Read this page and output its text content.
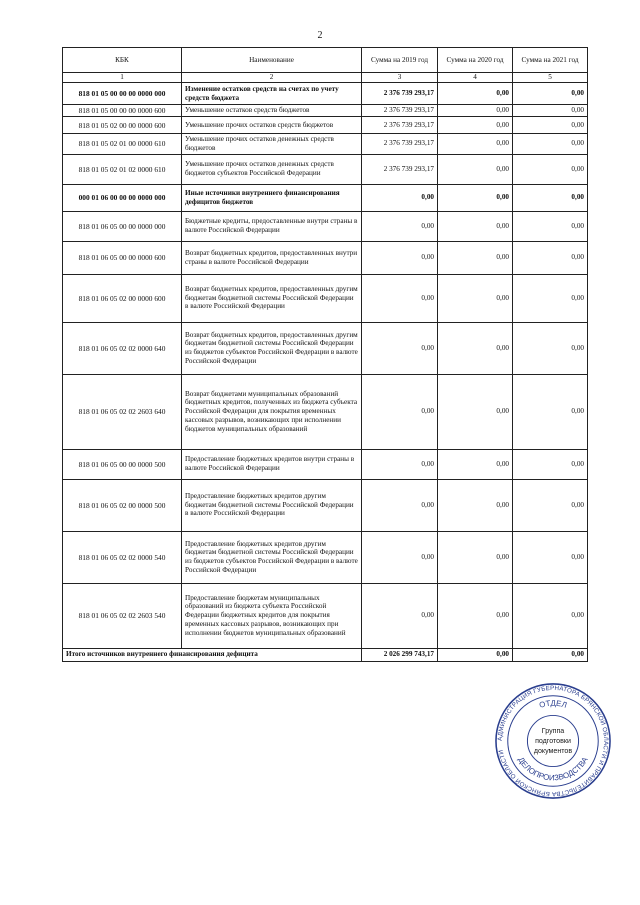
2
КБК	Наименование	Сумма на 2019 год	Сумма на 2020 год	Сумма на 2021 год
1	2	3	4	5
818 01 05 00 00 00 0000 000	Изменение остатков средств на счетах по учету средств бюджета	2 376 739 293,17	0,00	0,00
818 01 05 00 00 00 0000 600	Уменьшение остатков средств бюджетов	2 376 739 293,17	0,00	0,00
818 01 05 02 00 00 0000 600	Уменьшение прочих остатков средств бюджетов	2 376 739 293,17	0,00	0,00
818 01 05 02 01 00 0000 610	Уменьшение прочих остатков денежных средств бюджетов	2 376 739 293,17	0,00	0,00
818 01 05 02 01 02 0000 610	Уменьшение прочих остатков денежных средств бюджетов субъектов Российской Федерации	2 376 739 293,17	0,00	0,00
000 01 06 00 00 00 0000 000	Иные источники внутреннего финансирования дефицитов бюджетов	0,00	0,00	0,00
818 01 06 05 00 00 0000 000	Бюджетные кредиты, предоставленные внутри страны в валюте Российской Федерации	0,00	0,00	0,00
818 01 06 05 00 00 0000 600	Возврат бюджетных кредитов, предоставленных внутри страны в валюте Российской Федерации	0,00	0,00	0,00
818 01 06 05 02 00 0000 600	Возврат бюджетных кредитов, предоставленных другим бюджетам бюджетной системы Российской Федерации в валюте Российской Федерации	0,00	0,00	0,00
818 01 06 05 02 02 0000 640	Возврат бюджетных кредитов, предоставленных другим бюджетам бюджетной системы Российской Федерации из бюджетов субъектов Российской Федерации в валюте Российской Федерации	0,00	0,00	0,00
818 01 06 05 02 02 2603 640	Возврат бюджетами муниципальных образований бюджетных кредитов, полученных из бюджета субъекта Российской Федерации для покрытия временных кассовых разрывов, возникающих при исполнении бюджетов муниципальных образований	0,00	0,00	0,00
818 01 06 05 00 00 0000 500	Предоставление бюджетных кредитов внутри страны в валюте Российской Федерации	0,00	0,00	0,00
818 01 06 05 02 00 0000 500	Предоставление бюджетных кредитов другим бюджетам бюджетной системы Российской Федерации в валюте Российской Федерации	0,00	0,00	0,00
818 01 06 05 02 02 0000 540	Предоставление бюджетных кредитов другим бюджетам бюджетной системы Российской Федерации из бюджетов субъектов Российской Федерации в валюте Российской Федерации	0,00	0,00	0,00
818 01 06 05 02 02 2603 540	Предоставление бюджетам муниципальных образований из бюджета субъекта Российской Федерации бюджетных кредитов для покрытия временных кассовых разрывов, возникающих при исполнении бюджетов муниципальных образований	0,00	0,00	0,00
Итого источников внутреннего финансирования дефицита		2 026 299 743,17	0,00	0,00
АДМИНИСТРАЦИЯ ГУБЕРНАТОРА БРЯНСКОЙ ОБЛАСТИ И ПРАВИТЕЛЬСТВА БРЯНСКОЙ ОБЛАСТИ
ОТДЕЛ
ДЕЛОПРОИЗВОДСТВА
Группа
подготовки
документов
